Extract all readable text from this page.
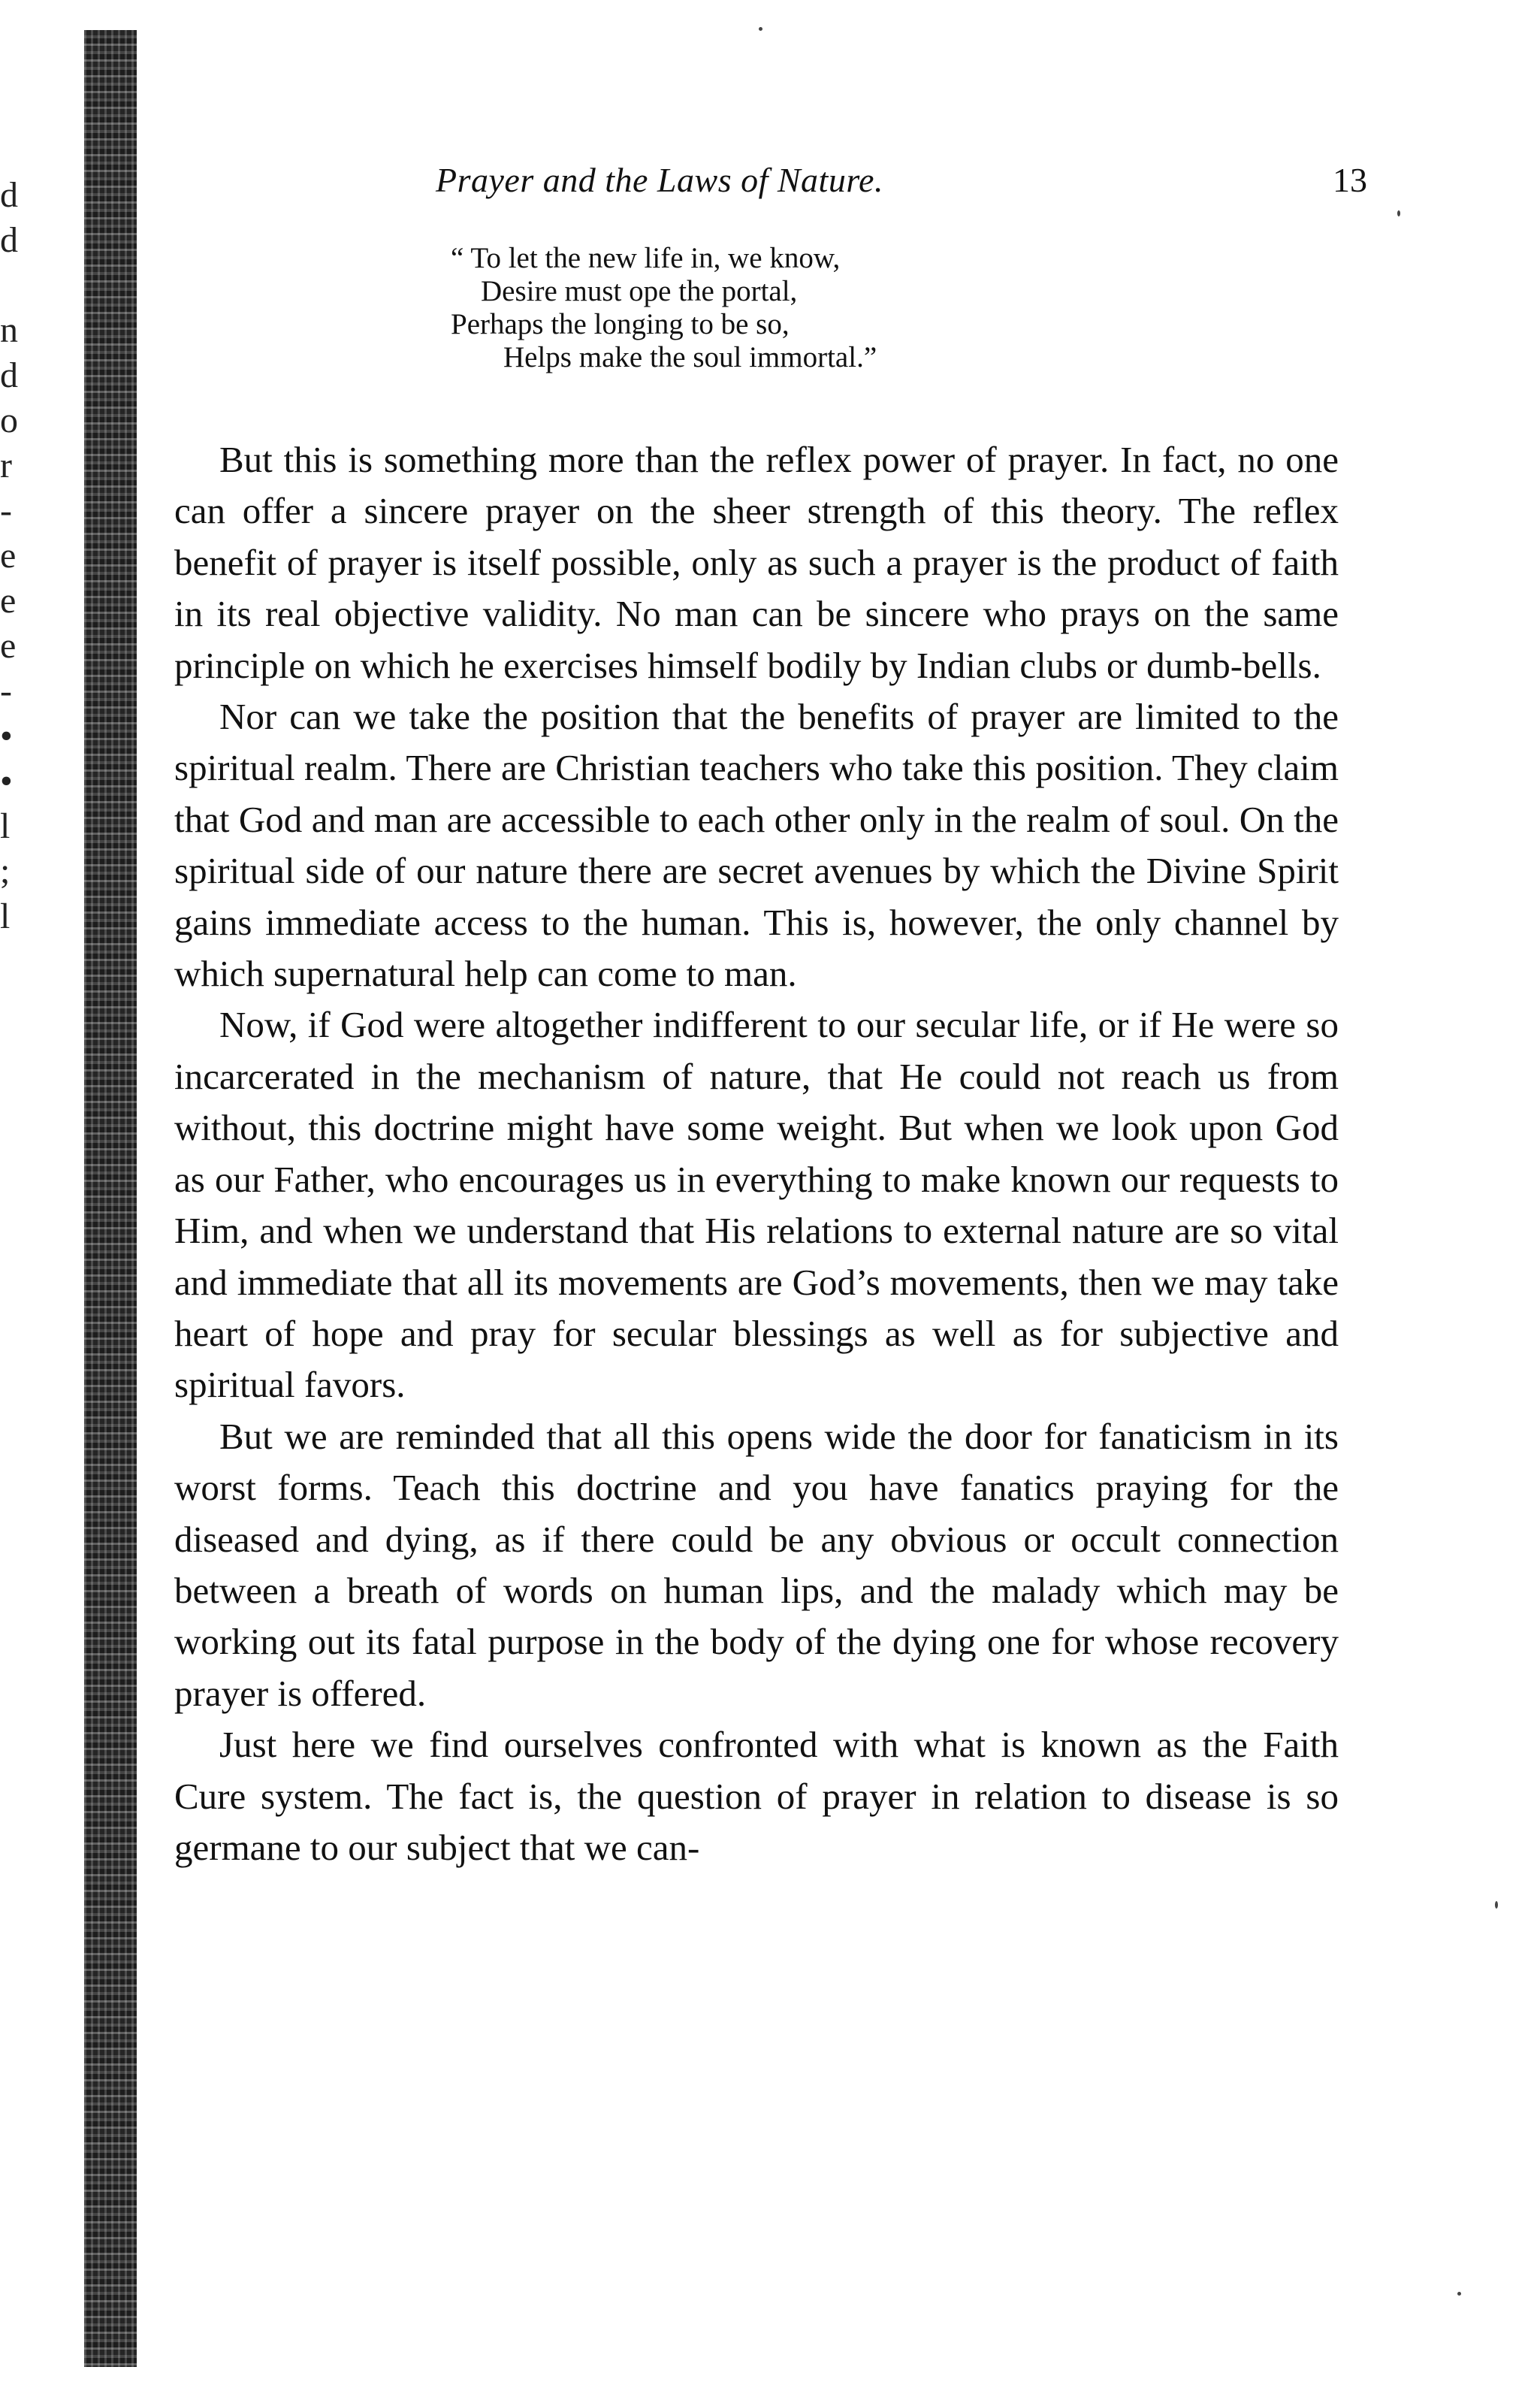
d
d
n
d
o
r
-
e
e
e
-
•
•
l
;
l
Prayer and the Laws of Nature.	13
“ To let the new life in, we know,
Desire must ope the portal,
Perhaps the longing to be so,
Helps make the soul immortal.”

But this is something more than the reflex power of prayer. In fact, no one can offer a sincere prayer on the sheer strength of this theory. The reflex benefit of prayer is itself possible, only as such a prayer is the product of faith in its real objective validity. No man can be sincere who prays on the same principle on which he exercises himself bodily by Indian clubs or dumb-bells.

Nor can we take the position that the benefits of prayer are limited to the spiritual realm. There are Christian teachers who take this position. They claim that God and man are accessible to each other only in the realm of soul. On the spiritual side of our nature there are secret avenues by which the Divine Spirit gains immediate access to the human. This is, however, the only channel by which supernatural help can come to man.

Now, if God were altogether indifferent to our secular life, or if He were so incarcerated in the mechanism of nature, that He could not reach us from without, this doctrine might have some weight. But when we look upon God as our Father, who encourages us in everything to make known our requests to Him, and when we understand that His relations to external nature are so vital and immediate that all its movements are God’s movements, then we may take heart of hope and pray for secular blessings as well as for subjective and spiritual favors.

But we are reminded that all this opens wide the door for fanaticism in its worst forms. Teach this doctrine and you have fanatics praying for the diseased and dying, as if there could be any obvious or occult connection between a breath of words on human lips, and the malady which may be working out its fatal purpose in the body of the dying one for whose recovery prayer is offered.

Just here we find ourselves confronted with what is known as the Faith Cure system. The fact is, the question of prayer in relation to disease is so germane to our subject that we can-
